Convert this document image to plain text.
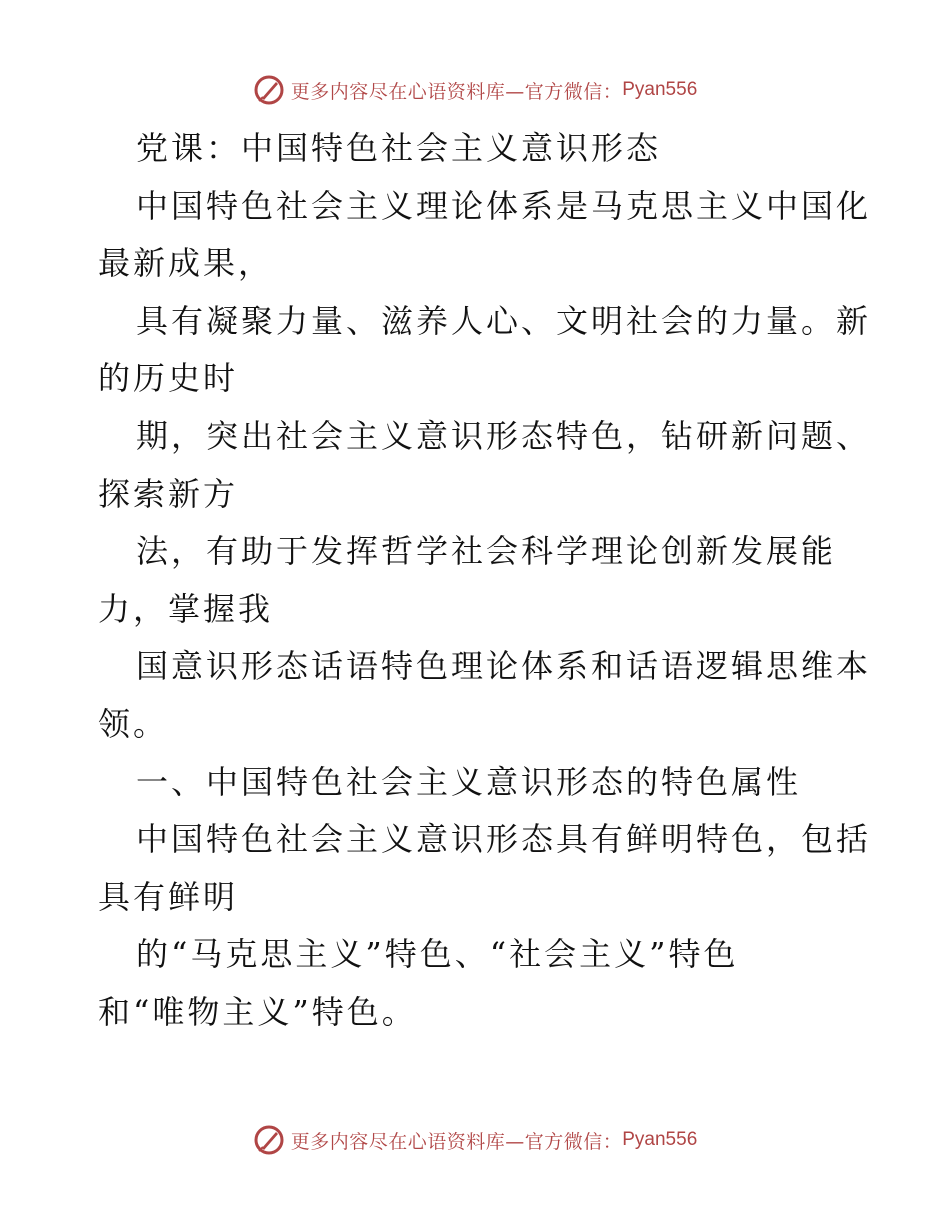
更多内容尽在心语资料库—官方微信： Pyan556
党课：中国特色社会主义意识形态
中国特色社会主义理论体系是马克思主义中国化
最新成果，
具有凝聚力量、滋养人心、文明社会的力量。新
的历史时
期，突出社会主义意识形态特色，钻研新问题、
探索新方
法，有助于发挥哲学社会科学理论创新发展能
力，掌握我
国意识形态话语特色理论体系和话语逻辑思维本
领。
一、中国特色社会主义意识形态的特色属性
中国特色社会主义意识形态具有鲜明特色，包括
具有鲜明
的“马克思主义”特色、“社会主义”特色
和“唯物主义”特色。
更多内容尽在心语资料库—官方微信： Pyan556
